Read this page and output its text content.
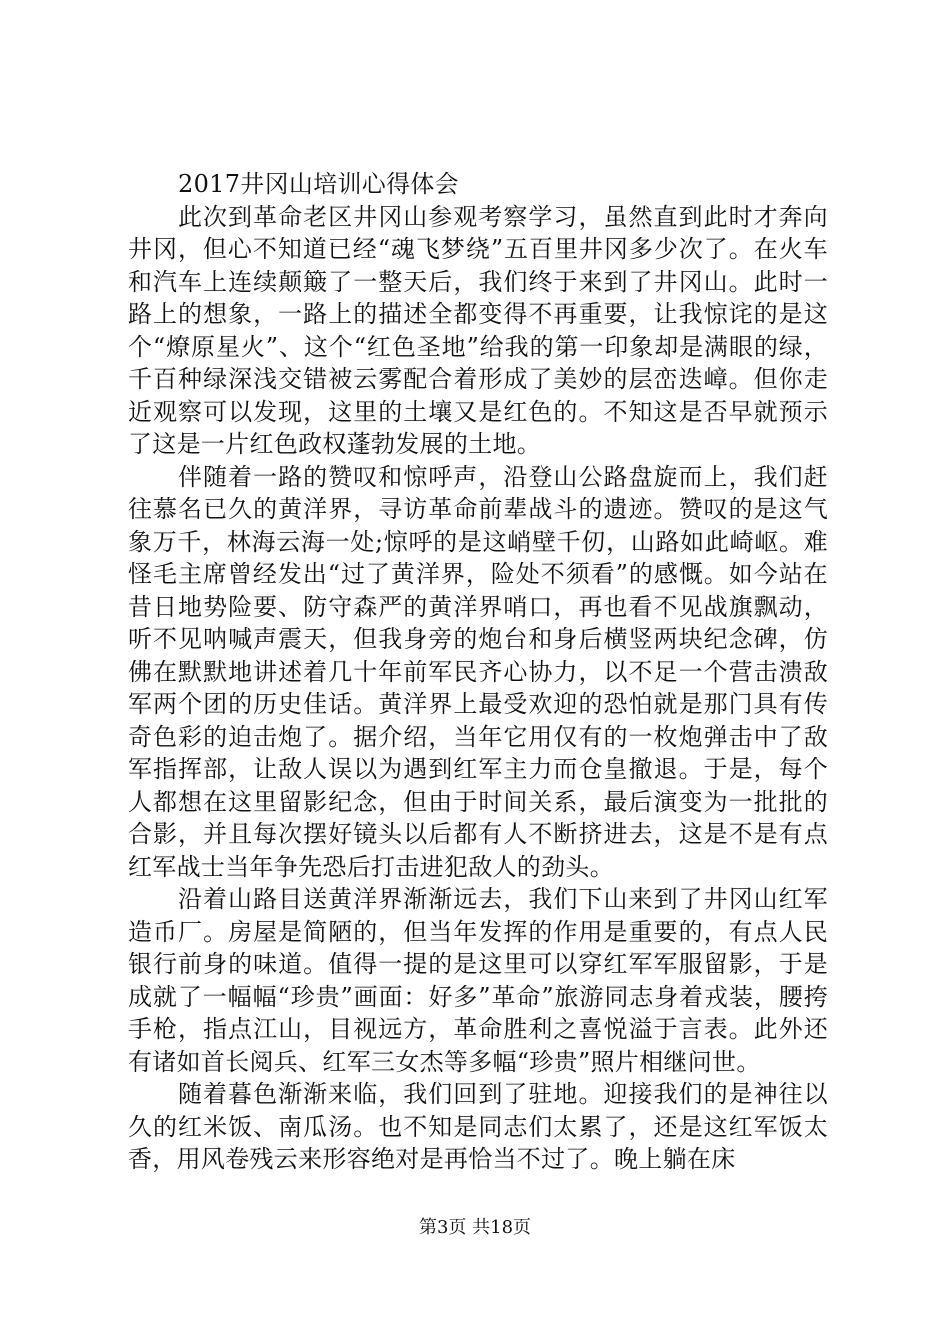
2017井冈山培训心得体会

此次到革命老区井冈山参观考察学习，虽然直到此时才奔向井冈，但心不知道已经“魂飞梦绕”五百里井冈多少次了。在火车和汽车上连续颠簸了一整天后，我们终于来到了井冈山。此时一路上的想象，一路上的描述全都变得不再重要，让我惊诧的是这个“燎原星火”、这个“红色圣地”给我的第一印象却是满眼的绿，千百种绿深浅交错被云雾配合着形成了美妙的层峦迭嶂。但你走近观察可以发现，这里的土壤又是红色的。不知这是否早就预示了这是一片红色政权蓬勃发展的土地。

伴随着一路的赞叹和惊呼声，沿登山公路盘旋而上，我们赶往慕名已久的黄洋界，寻访革命前辈战斗的遗迹。赞叹的是这气象万千，林海云海一处;惊呼的是这峭壁千仞，山路如此崎岖。难怪毛主席曾经发出“过了黄洋界，险处不须看”的感慨。如今站在昔日地势险要、防守森严的黄洋界哨口，再也看不见战旗飘动，听不见呐喊声震天，但我身旁的炮台和身后横竖两块纪念碑，仿佛在默默地讲述着几十年前军民齐心协力，以不足一个营击溃敌军两个团的历史佳话。黄洋界上最受欢迎的恐怕就是那门具有传奇色彩的迫击炮了。据介绍，当年它用仅有的一枚炮弹击中了敌军指挥部，让敌人误以为遇到红军主力而仓皇撤退。于是，每个人都想在这里留影纪念，但由于时间关系，最后演变为一批批的合影，并且每次摆好镜头以后都有人不断挤进去，这是不是有点红军战士当年争先恐后打击进犯敌人的劲头。

沿着山路目送黄洋界渐渐远去，我们下山来到了井冈山红军造币厂。房屋是简陋的，但当年发挥的作用是重要的，有点人民银行前身的味道。值得一提的是这里可以穿红军军服留影，于是成就了一幅幅“珍贵”画面：好多”革命”旅游同志身着戎装，腰挎手枪，指点江山，目视远方，革命胜利之喜悦溢于言表。此外还有诸如首长阅兵、红军三女杰等多幅“珍贵”照片相继问世。

随着暮色渐渐来临，我们回到了驻地。迎接我们的是神往以久的红米饭、南瓜汤。也不知是同志们太累了，还是这红军饭太香，用风卷残云来形容绝对是再恰当不过了。晚上躺在床

第3页 共18页
